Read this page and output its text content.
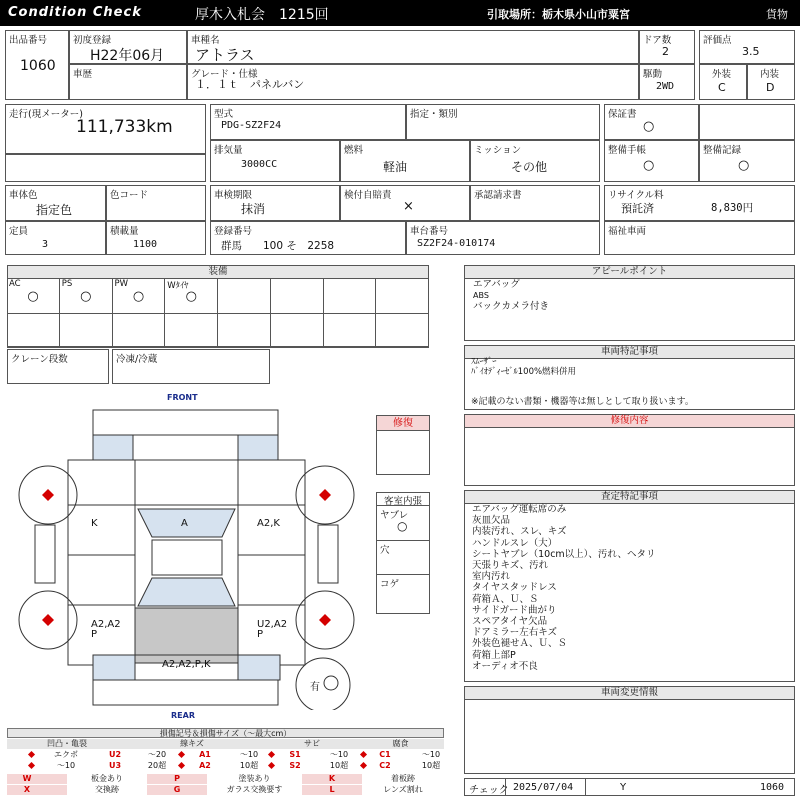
Condition Check	厚木入札会　1215回	引取場所：栃木県小山市粟宮	貨物
出品番号
1060
初度登録
H22年06月
車種名
アトラス
ドア数
2
評価点
3.5
車歴	グレード・仕様
１．１ｔ　パネルバン
駆動
2WD
外装
C
内装
D
走行(現メーター)
111,733km
型式
PDG-SZ2F24
指定・類別
排気量
3000CC
燃料
軽油
ミッション
その他
保証書
○
整備手帳
○
整備記録
○
車体色
指定色
色コード
定員
3
積載量
1100
車検期限
抹消
検付自賠責
×
承認請求書
登録番号
群馬　　100 そ　2258
車台番号
SZ2F24-010174
リサイクル料
預託済	8,830円
福祉車両
装備
AC
○
PS
○
PW
○
Wﾀｲﾔ
○
クレーン段数	冷凍/冷蔵
FRONT
REAR
K	A	A2,K
A2,A2
P
U2,A2
P
A2,A2,P,K
有
修復
客室内張
ヤブレ
○
穴
コゲ
アピールポイント
エアバッグ
ABS
バックカメラ付き
車両特記事項
ｽﾑｰｻﾞｰ
ﾊﾞｲｵﾃﾞｨｰｾﾞﾙ100%燃料併用
※記載のない書類・機器等は無しとして取り扱います。
修復内容
査定特記事項
エアバッグ運転席のみ
灰皿欠品
内装汚れ、スレ、キズ
ハンドルスレ（大）
シートヤブレ（10cm以上）、汚れ、ヘタリ
天張りキズ、汚れ
室内汚れ
タイヤスタッドレス
荷箱Ａ、Ｕ、Ｓ
サイドガード曲がり
スペアタイヤ欠品
ドアミラー左右キズ
外装色褪せＡ、Ｕ、Ｓ
荷箱上部P
オーディオ不良
車両変更情報
チェック 2025/07/04	Y	1060
損傷記号＆損傷サイズ（～最大cm）
凹凸・亀裂	線キズ	サビ	腐食
エクボ	U2	～20	A1	～10	S1	～10	C1	～10
～10	U3	20超	A2	10超	S2	10超	C2	10超
W	板金あり	P	塗装あり	K	着板跡
X	交換跡	G	ガラス交換要す	L	レンズ割れ
